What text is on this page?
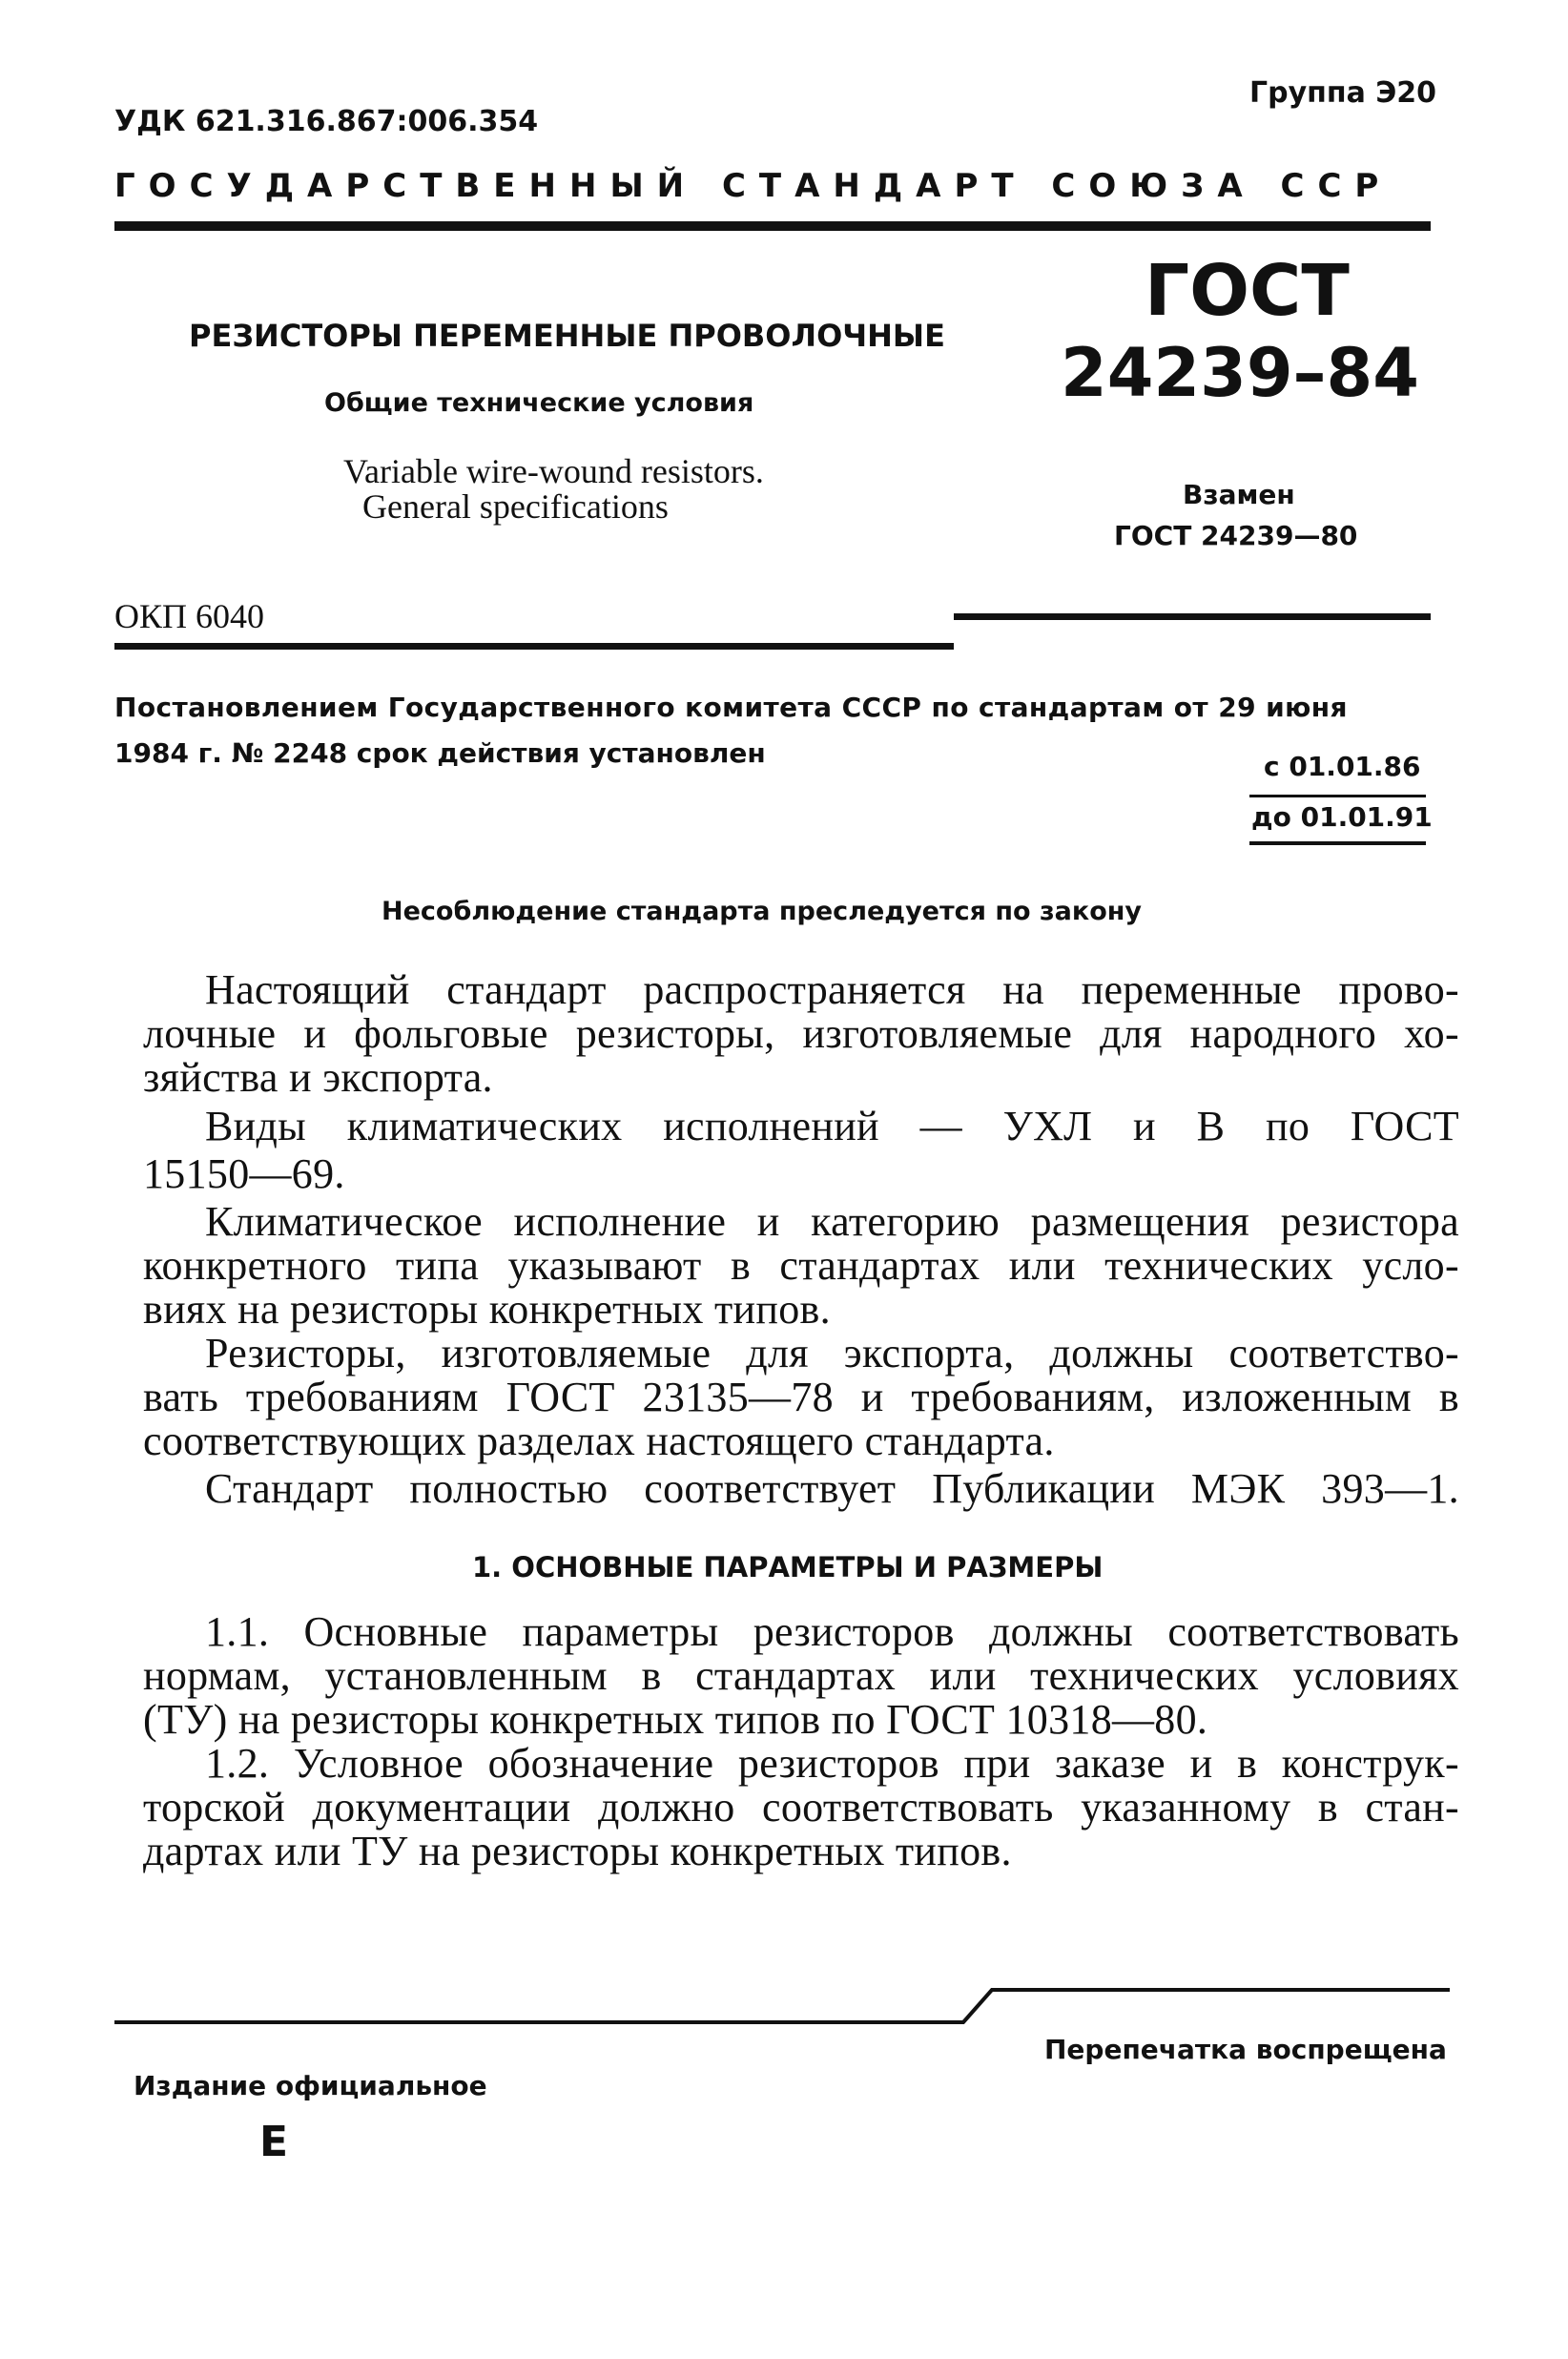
УДК 621.316.867:006.354
Группа Э20
ГОСУДАРСТВЕННЫЙ СТАНДАРТ СОЮЗА ССР
РЕЗИСТОРЫ ПЕРЕМЕННЫЕ ПРОВОЛОЧНЫЕ
Общие технические условия
Variable wire-wound resistors.
General specifications
ГОСТ
24239–84
Взамен
ГОСТ 24239—80
ОКП 6040
Постановлением Государственного комитета СССР по стандартам от 29 июня
1984 г. № 2248 срок действия установлен	с 01.01.86
до 01.01.91
Несоблюдение стандарта преследуется по закону
Настоящий стандарт распространяется на переменные прово-
лочные и фольговые резисторы, изготовляемые для народного хо-
зяйства и экспорта.
Виды климатических исполнений — УХЛ и В по ГОСТ
15150—69.
Климатическое исполнение и категорию размещения резистора
конкретного типа указывают в стандартах или технических усло-
виях на резисторы конкретных типов.
Резисторы, изготовляемые для экспорта, должны соответство-
вать требованиям ГОСТ 23135—78 и требованиям, изложенным в
соответствующих разделах настоящего стандарта.
Стандарт полностью соответствует Публикации МЭК 393—1.
1. ОСНОВНЫЕ ПАРАМЕТРЫ И РАЗМЕРЫ
1.1. Основные параметры резисторов должны соответствовать
нормам, установленным в стандартах или технических условиях
(ТУ) на резисторы конкретных типов по ГОСТ 10318—80.
1.2. Условное обозначение резисторов при заказе и в конструк-
торской документации должно соответствовать указанному в стан-
дартах или ТУ на резисторы конкретных типов.
Перепечатка воспрещена
Издание официальное
Е
